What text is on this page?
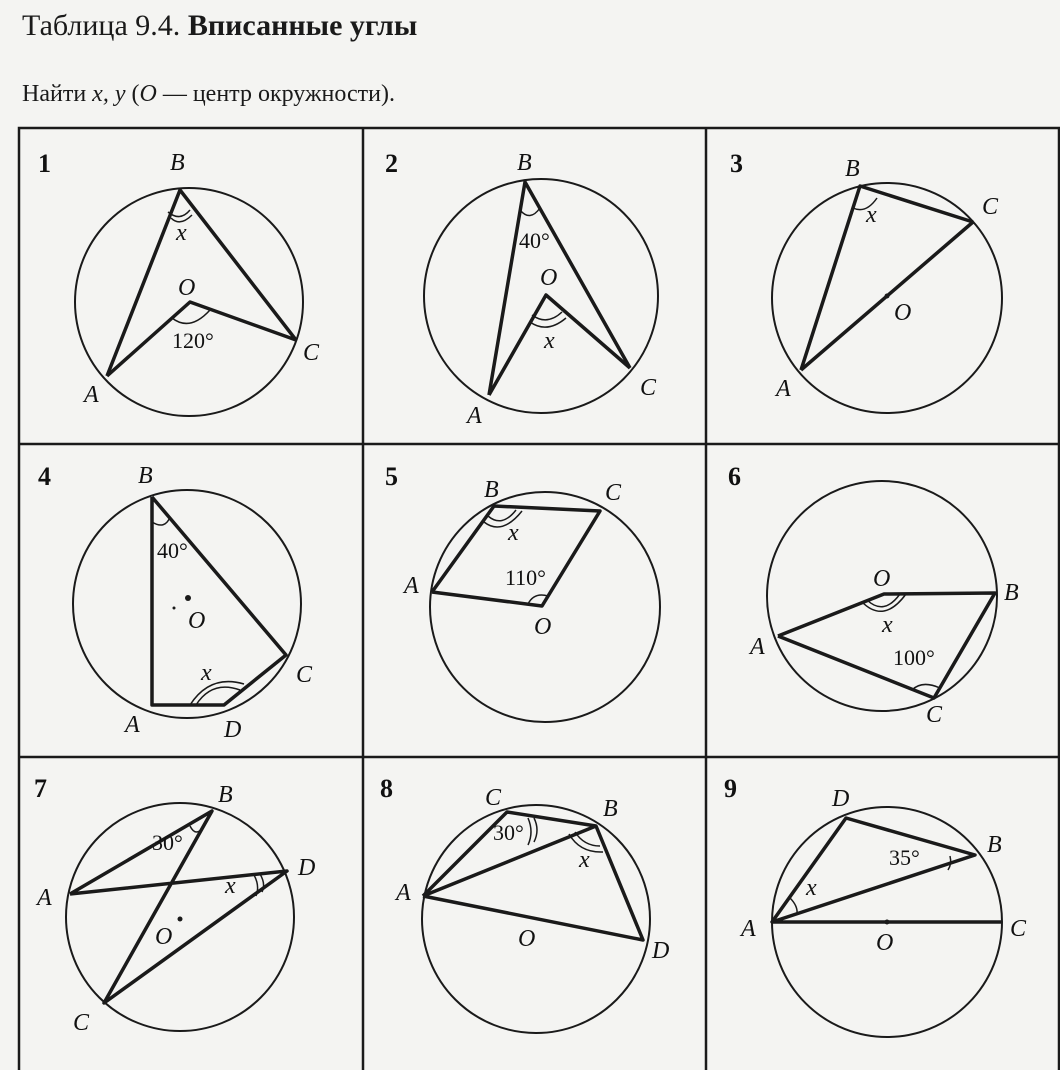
Таблица 9.4. Вписанные углы
Найти x, y (O — центр окружности).
1	B
O
A
C
x
120°
2	B
O
A
C
40°
x
3	B
C
O
A
x
4	B
40°
O
x	C
A	D
5	B	C
x
A	110°
O
6
O
B
x
A	100°
C
7	B
30°
D
x
A
O
C
8	C	B
30°
x
A
O	D
9	D
35°	B
x
A
O
C
